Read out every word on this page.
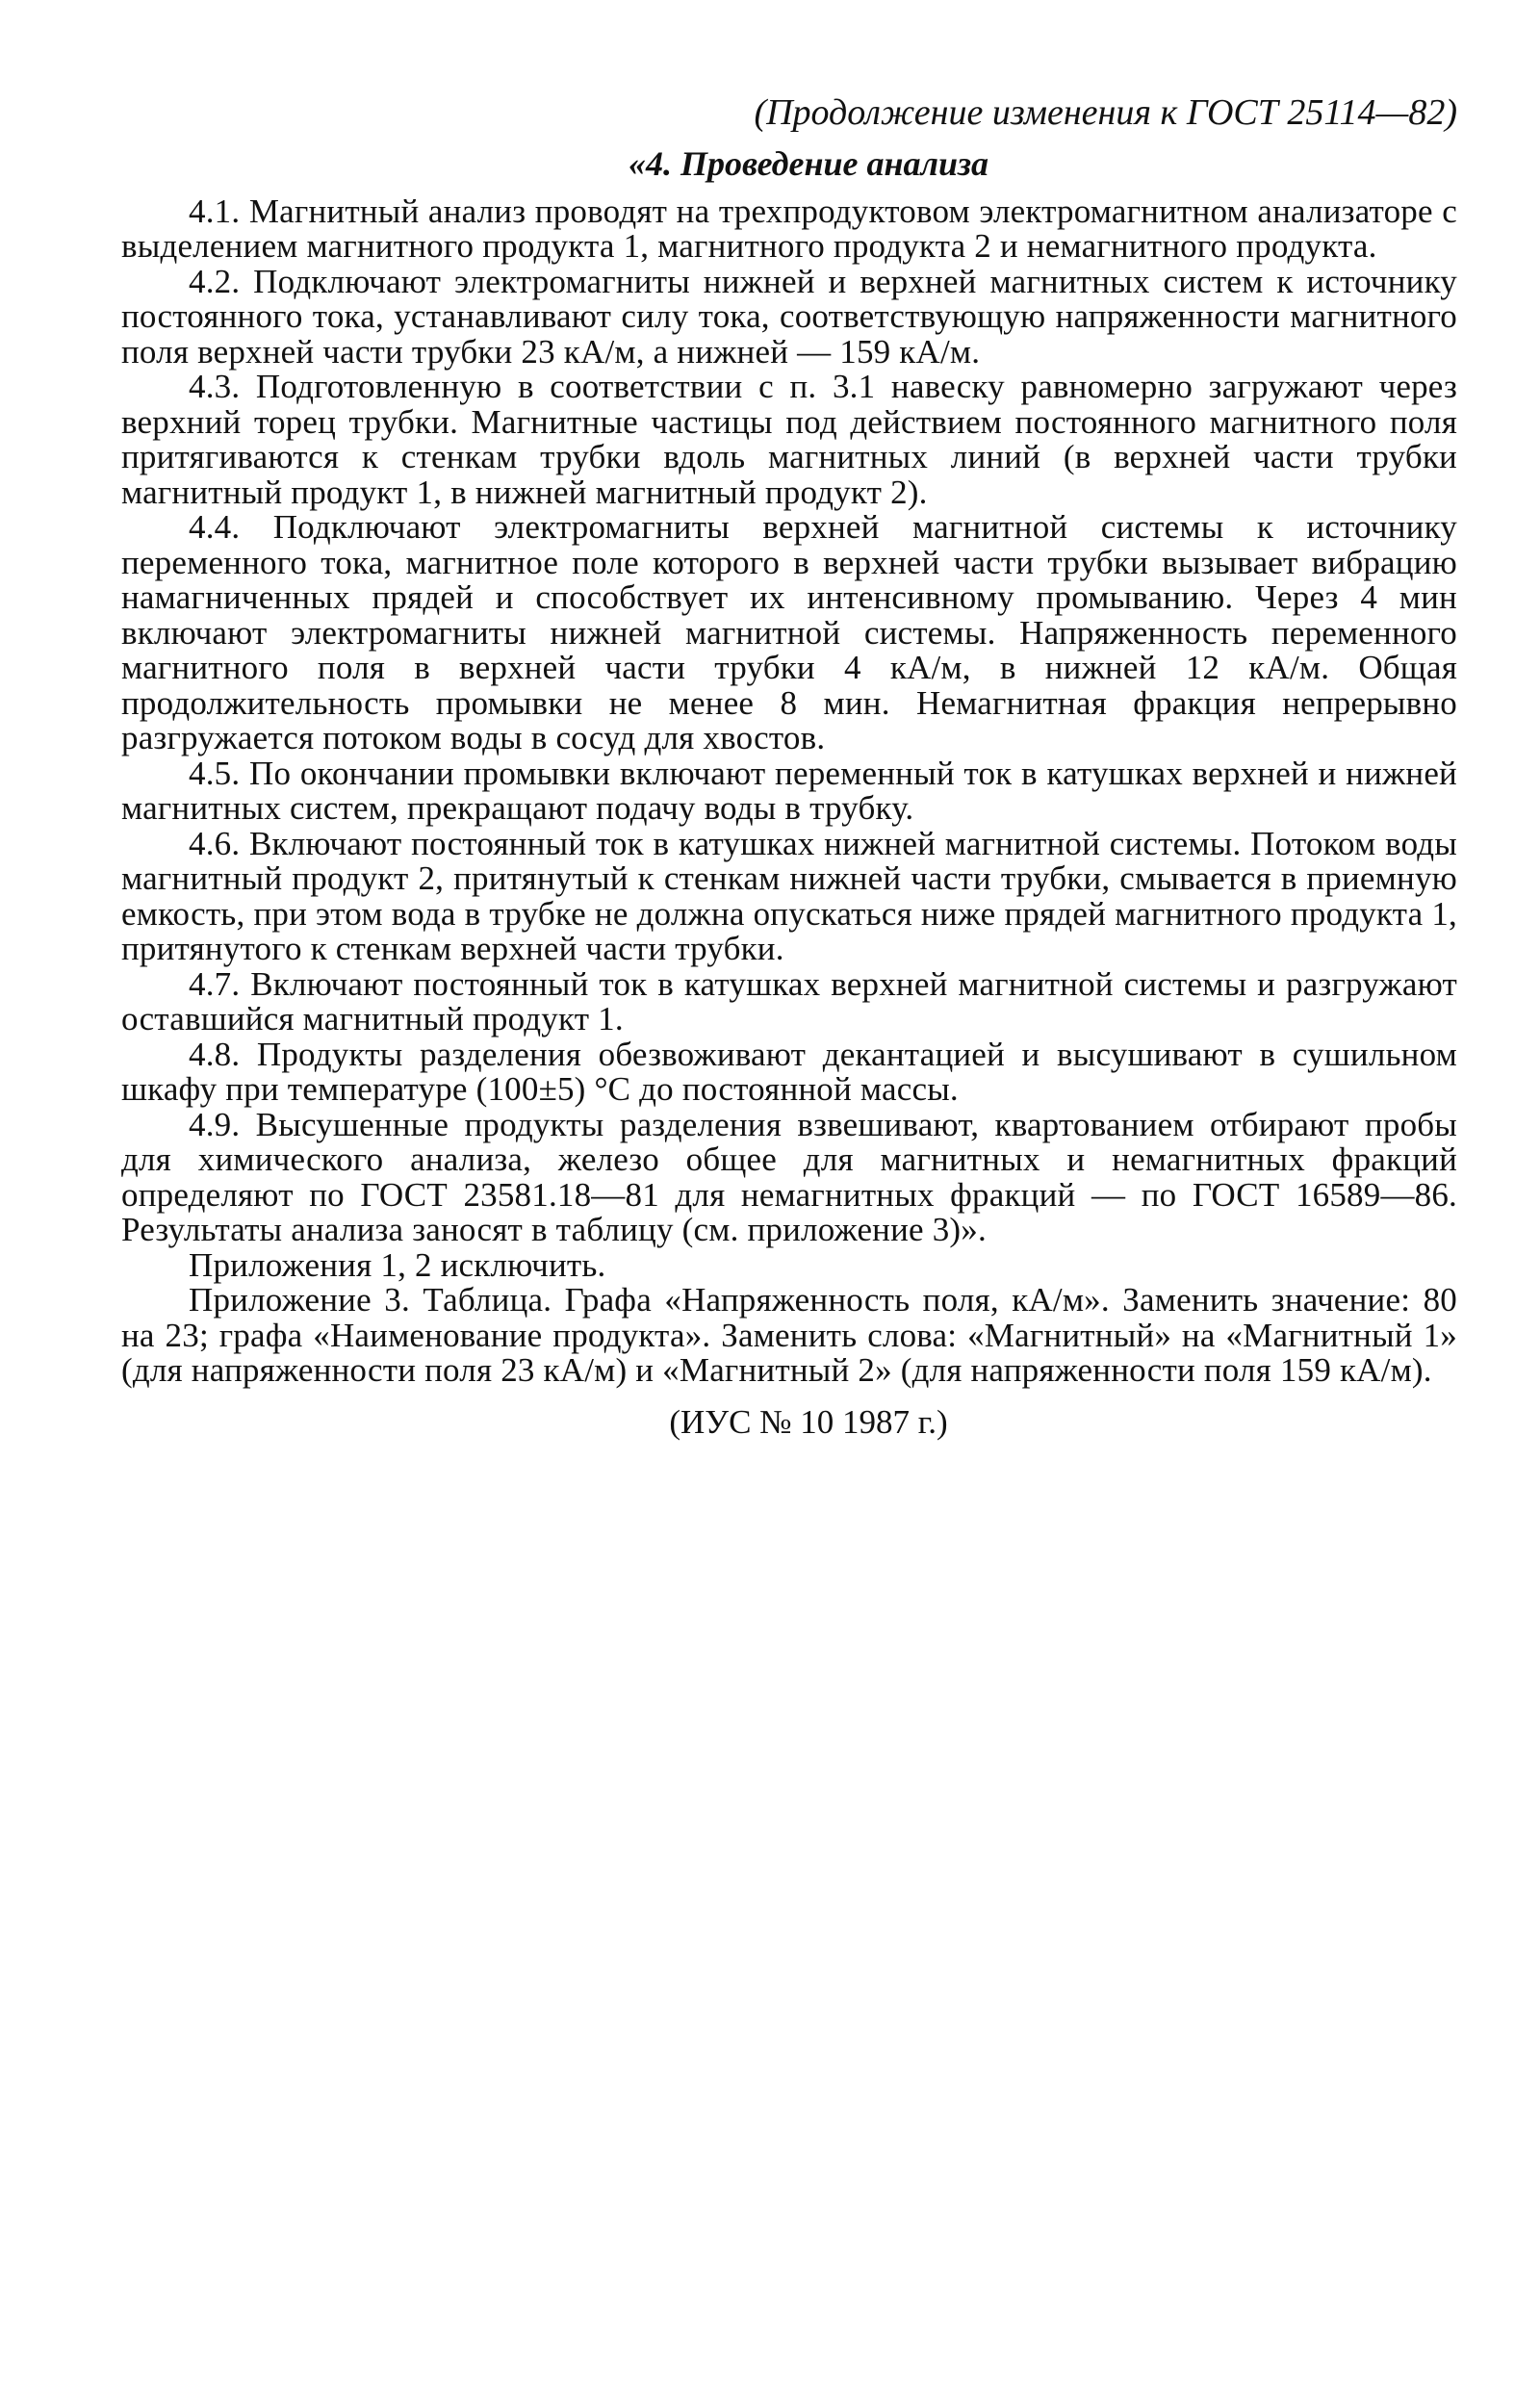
(Продолжение изменения к ГОСТ 25114—82)

«4. Проведение анализа

4.1. Магнитный анализ проводят на трехпродуктовом электромагнитном анализаторе с выделением магнитного продукта 1, магнитного продукта 2 и немагнитного продукта.

4.2. Подключают электромагниты нижней и верхней магнитных систем к источнику постоянного тока, устанавливают силу тока, соответствующую напряженности магнитного поля верхней части трубки 23 кА/м, а нижней — 159 кА/м.

4.3. Подготовленную в соответствии с п. 3.1 навеску равномерно загружают через верхний торец трубки. Магнитные частицы под действием постоянного магнитного поля притягиваются к стенкам трубки вдоль магнитных линий (в верхней части трубки магнитный продукт 1, в нижней магнитный продукт 2).

4.4. Подключают электромагниты верхней магнитной системы к источнику переменного тока, магнитное поле которого в верхней части трубки вызывает вибрацию намагниченных прядей и способствует их интенсивному промыванию. Через 4 мин включают электромагниты нижней магнитной системы. Напряженность переменного магнитного поля в верхней части трубки 4 кА/м, в нижней 12 кА/м. Общая продолжительность промывки не менее 8 мин. Немагнитная фракция непрерывно разгружается потоком воды в сосуд для хвостов.

4.5. По окончании промывки включают переменный ток в катушках верхней и нижней магнитных систем, прекращают подачу воды в трубку.

4.6. Включают постоянный ток в катушках нижней магнитной системы. Потоком воды магнитный продукт 2, притянутый к стенкам нижней части трубки, смывается в приемную емкость, при этом вода в трубке не должна опускаться ниже прядей магнитного продукта 1, притянутого к стенкам верхней части трубки.

4.7. Включают постоянный ток в катушках верхней магнитной системы и разгружают оставшийся магнитный продукт 1.

4.8. Продукты разделения обезвоживают декантацией и высушивают в сушильном шкафу при температуре (100±5) °С до постоянной массы.

4.9. Высушенные продукты разделения взвешивают, квартованием отбирают пробы для химического анализа, железо общее для магнитных и немагнитных фракций определяют по ГОСТ 23581.18—81 для немагнитных фракций — по ГОСТ 16589—86. Результаты анализа заносят в таблицу (см. приложение 3)».

Приложения 1, 2 исключить.

Приложение 3. Таблица. Графа «Напряженность поля, кА/м». Заменить значение: 80 на 23; графа «Наименование продукта». Заменить слова: «Магнитный» на «Магнитный 1» (для напряженности поля 23 кА/м) и «Магнитный 2» (для напряженности поля 159 кА/м).

(ИУС № 10 1987 г.)
